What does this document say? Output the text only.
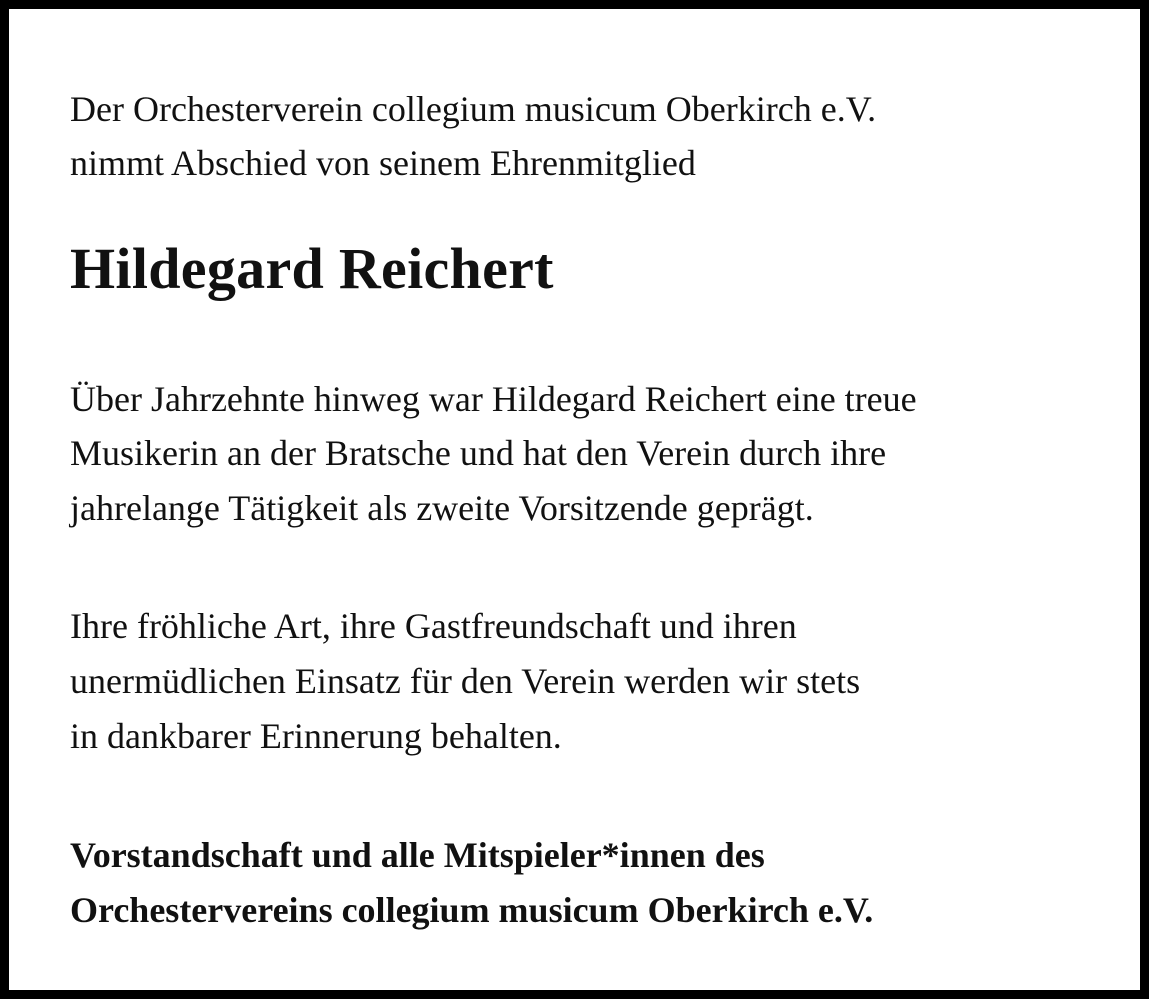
Der Orchesterverein collegium musicum Oberkirch e.V.
nimmt Abschied von seinem Ehrenmitglied
Hildegard Reichert
Über Jahrzehnte hinweg war Hildegard Reichert eine treue
Musikerin an der Bratsche und hat den Verein durch ihre
jahrelange Tätigkeit als zweite Vorsitzende geprägt.
Ihre fröhliche Art, ihre Gastfreundschaft und ihren
unermüdlichen Einsatz für den Verein werden wir stets
in dankbarer Erinnerung behalten.
Vorstandschaft und alle Mitspieler*innen des
Orchestervereins collegium musicum Oberkirch e.V.
